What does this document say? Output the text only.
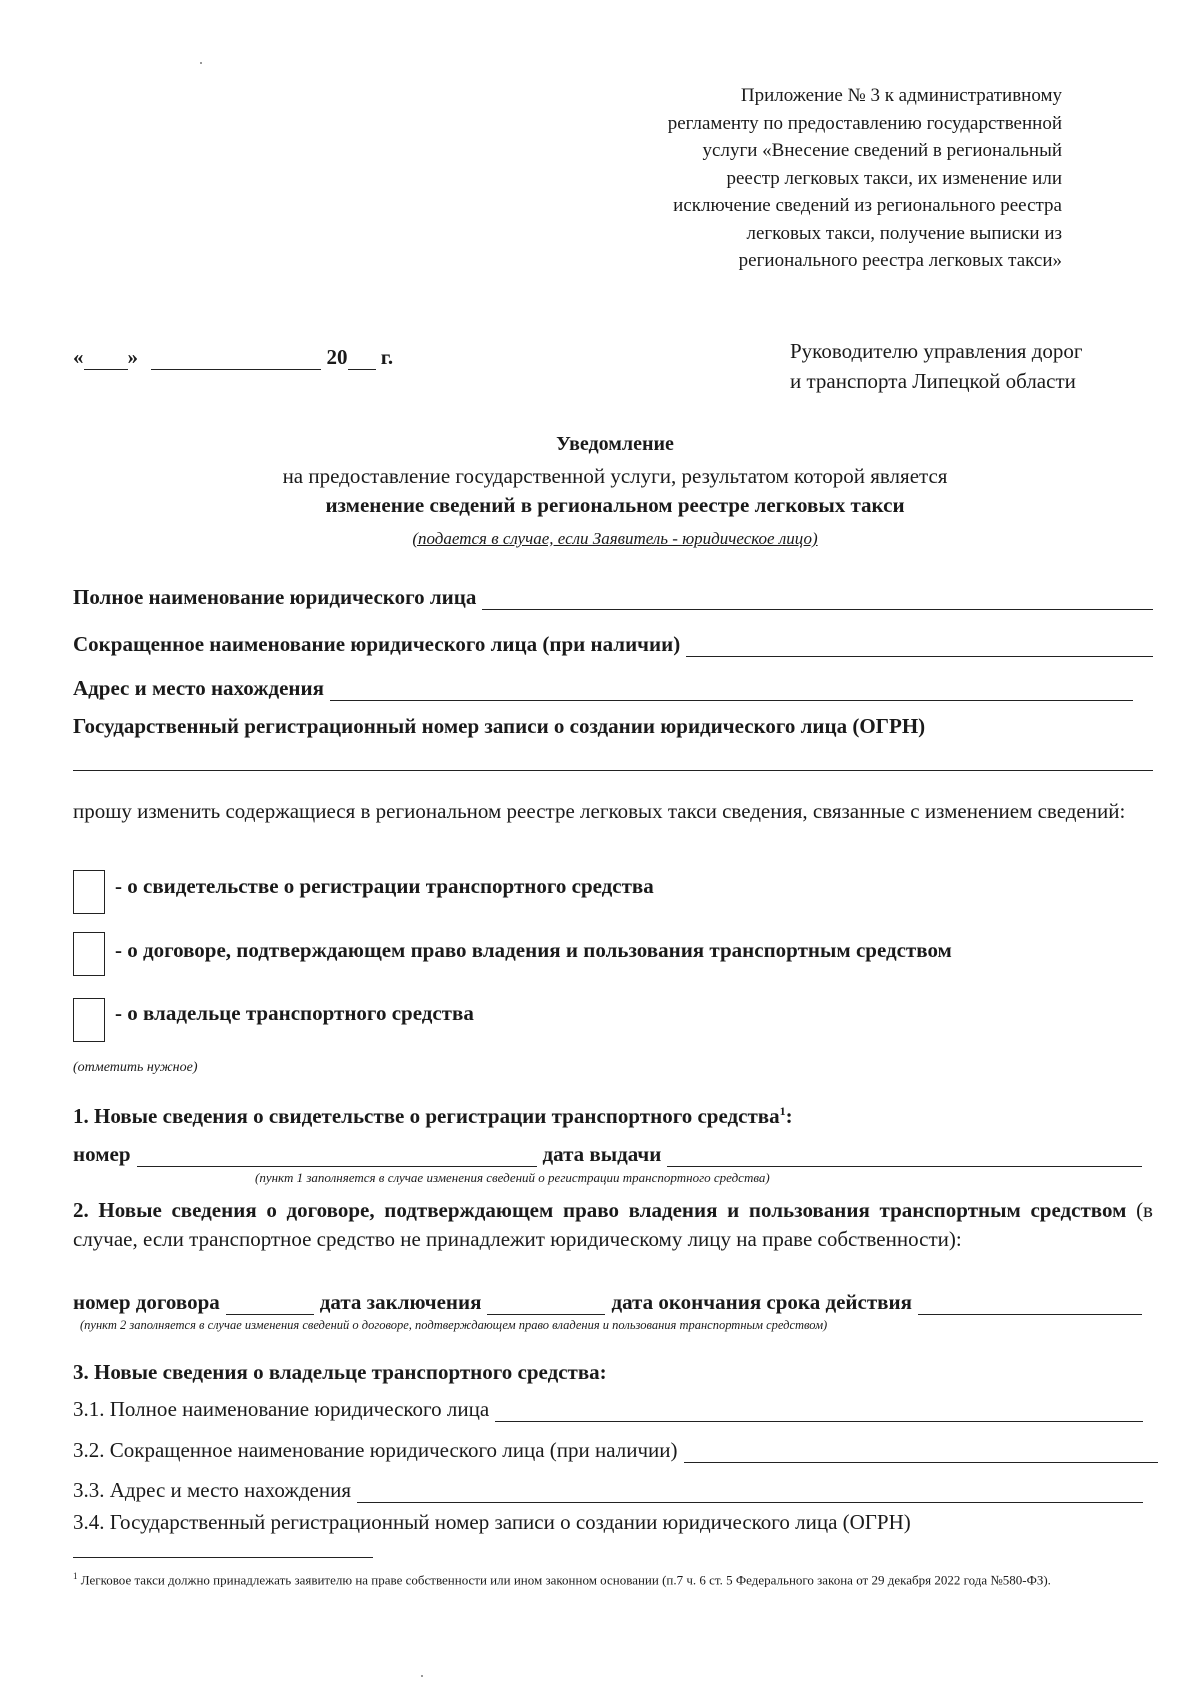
Приложение № 3 к административному
регламенту по предоставлению государственной
услуги «Внесение сведений в региональный
реестр легковых такси, их изменение или
исключение сведений из регионального реестра
легковых такси, получение выписки из
регионального реестра легковых такси»
« »	20 г.	Руководителю управления дорог
и транспорта Липецкой области
Уведомление
на предоставление государственной услуги, результатом которой является
изменение сведений в региональном реестре легковых такси
(подается в случае, если Заявитель - юридическое лицо)
Полное наименование юридического лица
Сокращенное наименование юридического лица (при наличии)
Адрес и место нахождения
Государственный регистрационный номер записи о создании юридического лица (ОГРН)
прошу изменить содержащиеся в региональном реестре легковых такси сведения, связанные с изменением сведений:
- о свидетельстве о регистрации транспортного средства
- о договоре, подтверждающем право владения и пользования транспортным средством
- о владельце транспортного средства
(отметить нужное)
1. Новые сведения о свидетельстве о регистрации транспортного средства$^1$:
номер	дата выдачи
(пункт 1 заполняется в случае изменения сведений о регистрации транспортного средства)
2. Новые сведения о договоре, подтверждающем право владения и пользования транспортным средством (в случае, если транспортное средство не принадлежит юридическому лицу на праве собственности):
номер договора	дата заключения	дата окончания срока действия
(пункт 2 заполняется в случае изменения сведений о договоре, подтверждающем право владения и пользования транспортным средством)
3. Новые сведения о владельце транспортного средства:
3.1. Полное наименование юридического лица
3.2. Сокращенное наименование юридического лица (при наличии)
3.3. Адрес и место нахождения
3.4. Государственный регистрационный номер записи о создании юридического лица (ОГРН)
$^1$ Легковое такси должно принадлежать заявителю на праве собственности или ином законном основании (п.7 ч. 6 ст. 5 Федерального закона от 29 декабря 2022 года №580-ФЗ).
